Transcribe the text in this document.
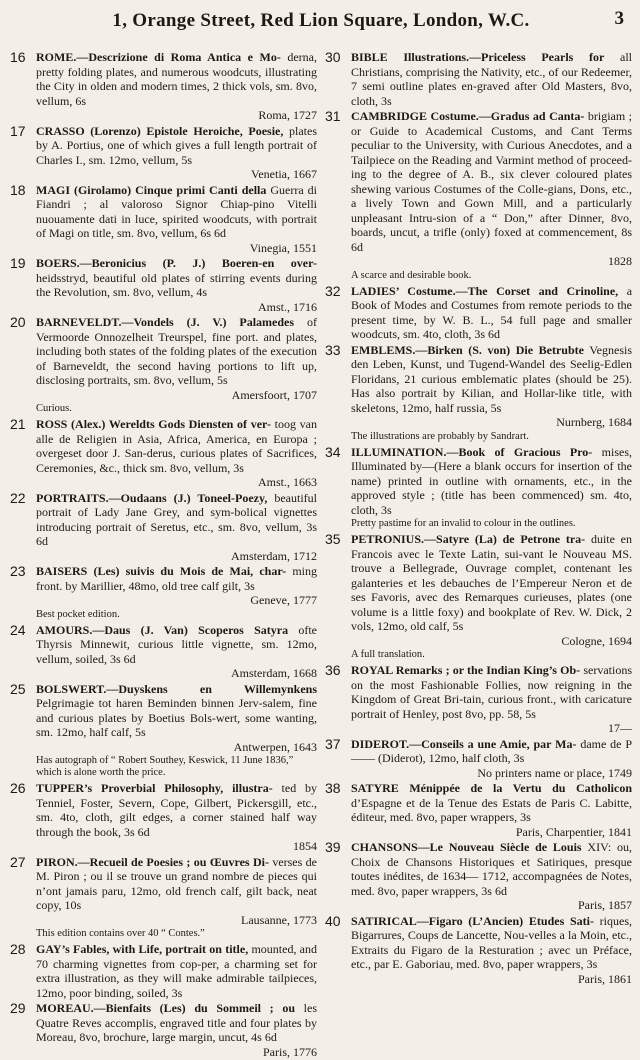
1, Orange Street, Red Lion Square, London, W.C.	3
16 ROME.—Descrizione di Roma Antica e Mo- derna, pretty folding plates, and numerous woodcuts, illustrating the City in olden and modern times, 2 thick vols, sm. 8vo, vellum, 6s
Roma, 1727
17 CRASSO (Lorenzo) Epistole Heroiche, Poesie, plates by A. Portius, one of which gives a full length portrait of Charles I., sm. 12mo, vellum, 5s
Venetia, 1667
18 MAGI (Girolamo) Cinque primi Canti della Guerra di Fiandri ; al valoroso Signor Chiap-pino Vitelli nuouamente dati in luce, spirited woodcuts, with portrait of Magi on title, sm. 8vo, vellum, 6s 6d
Vinegia, 1551
19 BOERS.—Beronicius (P. J.) Boeren-en over- heidsstryd, beautiful old plates of stirring events during the Revolution, sm. 8vo, vellum, 4s
Amst., 1716
20 BARNEVELDT.—Vondels (J. V.) Palamedes of Vermoorde Onnozelheit Treurspel, fine port. and plates, including both states of the folding plates of the execution of Barneveldt, the second having portions to lift up, disclosing portraits, sm. 8vo, vellum, 5s
Amersfoort, 1707
Curious.
21 ROSS (Alex.) Wereldts Gods Diensten of ver- toog van alle de Religien in Asia, Africa, America, en Europa ; overgeset door J. San-derus, curious plates of Sacrifices, Ceremonies, &c., thick sm. 8vo, vellum, 3s
Amst., 1663
22 PORTRAITS.—Oudaans (J.) Toneel-Poezy, beautiful portrait of Lady Jane Grey, and sym-bolical vignettes introducing portrait of Seretus, etc., sm. 8vo, vellum, 3s 6d
Amsterdam, 1712
23 BAISERS (Les) suivis du Mois de Mai, char- ming front. by Marillier, 48mo, old tree calf gilt, 3s
Geneve, 1777
Best pocket edition.
24 AMOURS.—Daus (J. Van) Scoperos Satyra ofte Thyrsis Minnewit, curious little vignette, sm. 12mo, vellum, soiled, 3s 6d
Amsterdam, 1668
25 BOLSWERT.—Duyskens en Willemynkens Pelgrimagie tot haren Beminden binnen Jerv-salem, fine and curious plates by Boetius Bols-wert, some wanting, sm. 12mo, half calf, 5s
Antwerpen, 1643
Has autograph of “ Robert Southey, Keswick, 11 June 1836,” which is alone worth the price.
26 TUPPER’s Proverbial Philosophy, illustra- ted by Tenniel, Foster, Severn, Cope, Gilbert, Pickersgill, etc., sm. 4to, cloth, gilt edges, a corner stained half way through the book, 3s 6d
1854
27 PIRON.—Recueil de Poesies ; ou Œuvres Di- verses de M. Piron ; ou il se trouve un grand nombre de pieces qui n’ont jamais paru, 12mo, old french calf, gilt back, neat copy, 10s
Lausanne, 1773
This edition contains over 40 “ Contes.”
28 GAY’s Fables, with Life, portrait on title, mounted, and 70 charming vignettes from cop-per, a charming set for extra illustration, as they will make admirable tailpieces, 12mo, poor binding, soiled, 3s
29 MOREAU.—Bienfaits (Les) du Sommeil ; ou les Quatre Reves accomplis, engraved title and four plates by Moreau, 8vo, brochure, large margin, uncut, 4s 6d
Paris, 1776
30 BIBLE Illustrations.—Priceless Pearls for all Christians, comprising the Nativity, etc., of our Redeemer, 7 semi outline plates en-graved after Old Masters, 8vo, cloth, 3s
31 CAMBRIDGE Costume.—Gradus ad Canta- brigiam ; or Guide to Academical Customs, and Cant Terms peculiar to the University, with Curious Anecdotes, and a Tailpiece on the Reading and Varmint method of proceed-ing to the degree of A. B., six clever coloured plates shewing various Costumes of the Colle-gians, Dons, etc., a lively Town and Gown Mill, and a particularly unpleasant Intru-sion of a “ Don,” after Dinner, 8vo, boards, uncut, a trifle (only) foxed at commencement, 8s 6d
1828
A scarce and desirable book.
32 LADIES’ Costume.—The Corset and Crinoline, a Book of Modes and Costumes from remote periods to the present time, by W. B. L., 54 full page and smaller woodcuts, sm. 4to, cloth, 3s 6d
33 EMBLEMS.—Birken (S. von) Die Betrubte Vegnesis den Leben, Kunst, und Tugend-Wandel des Seelig-Edlen Floridans, 21 curious emblematic plates (should be 25). Has also portrait by Kilian, and Hollar-like title, with skeletons, 12mo, half russia, 5s
Nurnberg, 1684
The illustrations are probably by Sandrart.
34 ILLUMINATION.—Book of Gracious Pro- mises, Illuminated by—(Here a blank occurs for insertion of the name) printed in outline with ornaments, etc., in the approved style ; (title has been commenced) sm. 4to, cloth, 3s
Pretty pastime for an invalid to colour in the outlines.
35 PETRONIUS.—Satyre (La) de Petrone tra- duite en Francois avec le Texte Latin, sui-vant le Nouveau MS. trouve a Bellegrade, Ouvrage complet, contenant les galanteries et les debauches de l’Empereur Neron et de ses Favoris, avec des Remarques curieuses, plates (one volume is a little foxy) and bookplate of Rev. W. Dick, 2 vols, 12mo, old calf, 5s
Cologne, 1694
A full translation.
36 ROYAL Remarks ; or the Indian King’s Ob- servations on the most Fashionable Follies, now reigning in the Kingdom of Great Bri-tain, curious front., with caricature portrait of Henley, post 8vo, pp. 58, 5s
17—
37 DIDEROT.—Conseils a une Amie, par Ma- dame de P—— (Diderot), 12mo, half cloth, 3s
No printers name or place, 1749
38 SATYRE Ménippée de la Vertu du Catholicon d’Espagne et de la Tenue des Estats de Paris C. Labitte, éditeur, med. 8vo, paper wrappers, 3s
Paris, Charpentier, 1841
39 CHANSONS—Le Nouveau Siècle de Louis XIV: ou, Choix de Chansons Historiques et Satiriques, presque toutes inédites, de 1634— 1712, accompagnées de Notes, med. 8vo, paper wrappers, 3s 6d
Paris, 1857
40 SATIRICAL—Figaro (L’Ancien) Etudes Sati- riques, Bigarrures, Coups de Lancette, Nou-velles a la Moin, etc., Extraits du Figaro de la Resturation ; avec un Préface, etc., par E. Gaboriau, med. 8vo, paper wrappers, 3s
Paris, 1861
